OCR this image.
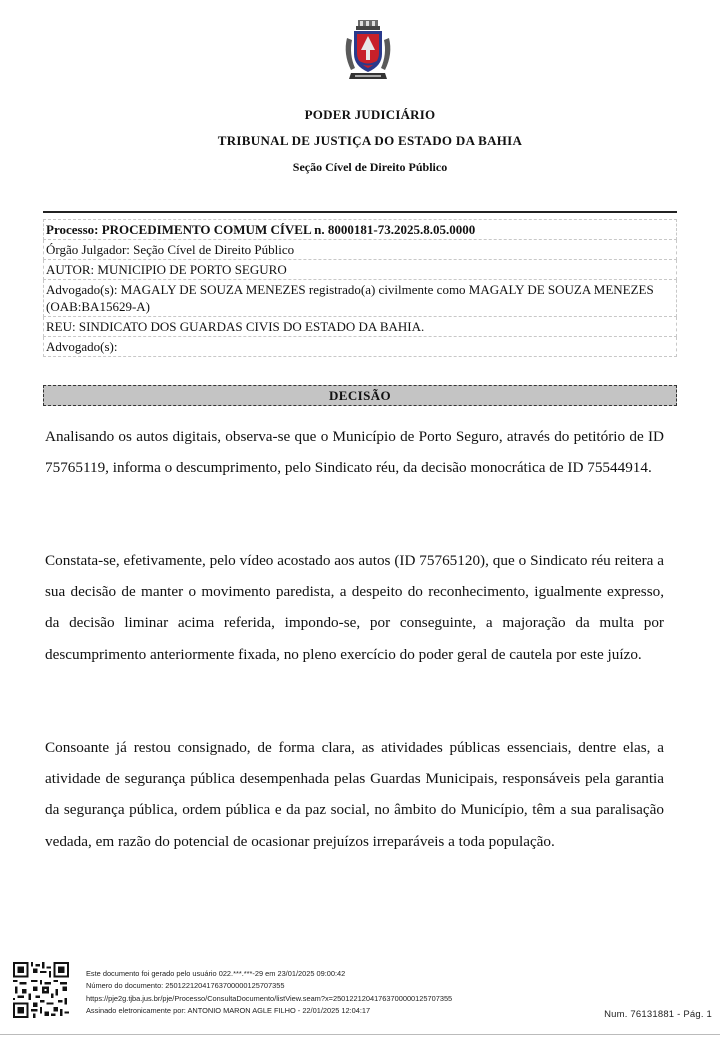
PODER JUDICIÁRIO
TRIBUNAL DE JUSTIÇA DO ESTADO DA BAHIA
Seção Cível de Direito Público
Processo: PROCEDIMENTO COMUM CÍVEL n. 8000181-73.2025.8.05.0000
Órgão Julgador: Seção Cível de Direito Público
AUTOR: MUNICIPIO DE PORTO SEGURO
Advogado(s): MAGALY DE SOUZA MENEZES registrado(a) civilmente como MAGALY DE SOUZA MENEZES (OAB:BA15629-A)
REU: SINDICATO DOS GUARDAS CIVIS DO ESTADO DA BAHIA.
Advogado(s):
DECISÃO

Analisando os autos digitais, observa-se que o Município de Porto Seguro, através do petitório de ID 75765119, informa o descumprimento, pelo Sindicato réu, da decisão monocrática de ID 75544914.

Constata-se, efetivamente, pelo vídeo acostado aos autos (ID 75765120), que o Sindicato réu reitera a sua decisão de manter o movimento paredista, a despeito do reconhecimento, igualmente expresso, da decisão liminar acima referida, impondo-se, por conseguinte, a majoração da multa por descumprimento anteriormente fixada, no pleno exercício do poder geral de cautela por este juízo.

Consoante já restou consignado, de forma clara, as atividades públicas essenciais, dentre elas, a atividade de segurança pública desempenhada pelas Guardas Municipais, responsáveis pela garantia da segurança pública, ordem pública e da paz social, no âmbito do Município, têm a sua paralisação vedada, em razão do potencial de ocasionar prejuízos irreparáveis a toda população.

Este documento foi gerado pelo usuário 022.***.***-29 em 23/01/2025 09:00:42
Número do documento: 25012212041763700000125707355
https://pje2g.tjba.jus.br/pje/Processo/ConsultaDocumento/listView.seam?x=25012212041763700000125707355
Assinado eletronicamente por: ANTONIO MARON AGLE FILHO - 22/01/2025 12:04:17	Num. 76131881 - Pág. 1
